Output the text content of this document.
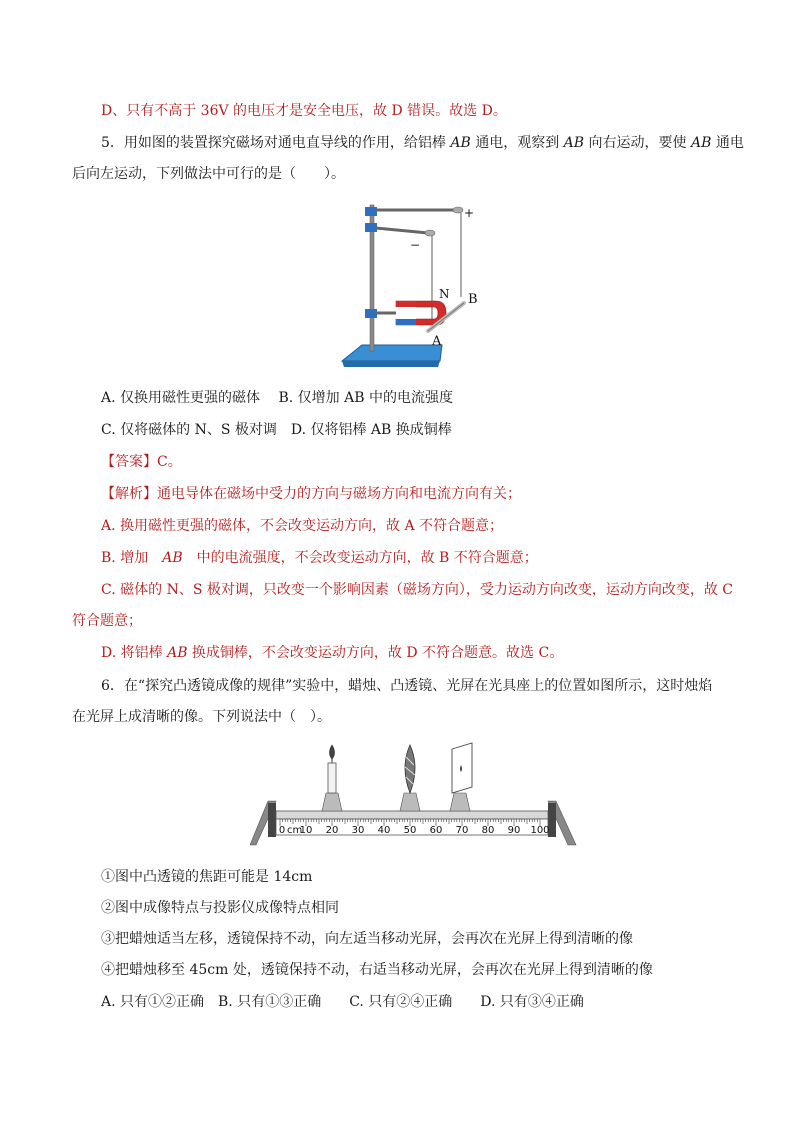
D、只有不高于 36V 的电压才是安全电压，故 D 错误。故选 D。
5．用如图的装置探究磁场对通电直导线的作用，给铝棒 AB 通电，观察到 AB 向右运动，要使 AB 通电
后向左运动，下列做法中可行的是（　　）。
+
−
N B
A
A. 仅换用磁性更强的磁体　 B. 仅增加 AB 中的电流强度
C. 仅将磁体的 N、S 极对调　D. 仅将铝棒 AB 换成铜棒
【答案】C。
【解析】通电导体在磁场中受力的方向与磁场方向和电流方向有关；
A. 换用磁性更强的磁体，不会改变运动方向，故 A 不符合题意；
B. 增加　AB　中的电流强度，不会改变运动方向，故 B 不符合题意；
C. 磁体的 N、S 极对调，只改变一个影响因素（磁场方向），受力运动方向改变，运动方向改变，故 C
符合题意；
D. 将铝棒 AB 换成铜棒，不会改变运动方向，故 D 不符合题意。故选 C。
6．在“探究凸透镜成像的规律”实验中，蜡烛、凸透镜、光屏在光具座上的位置如图所示，这时烛焰
在光屏上成清晰的像。下列说法中（　）。
0 10 20 30 40 50 60 70 80 90 100
cm
①图中凸透镜的焦距可能是 14cm
②图中成像特点与投影仪成像特点相同
③把蜡烛适当左移，透镜保持不动，向左适当移动光屏，会再次在光屏上得到清晰的像
④把蜡烛移至 45cm 处，透镜保持不动，右适当移动光屏，会再次在光屏上得到清晰的像
A. 只有①②正确　B. 只有①③正确　　C. 只有②④正确　　D. 只有③④正确
